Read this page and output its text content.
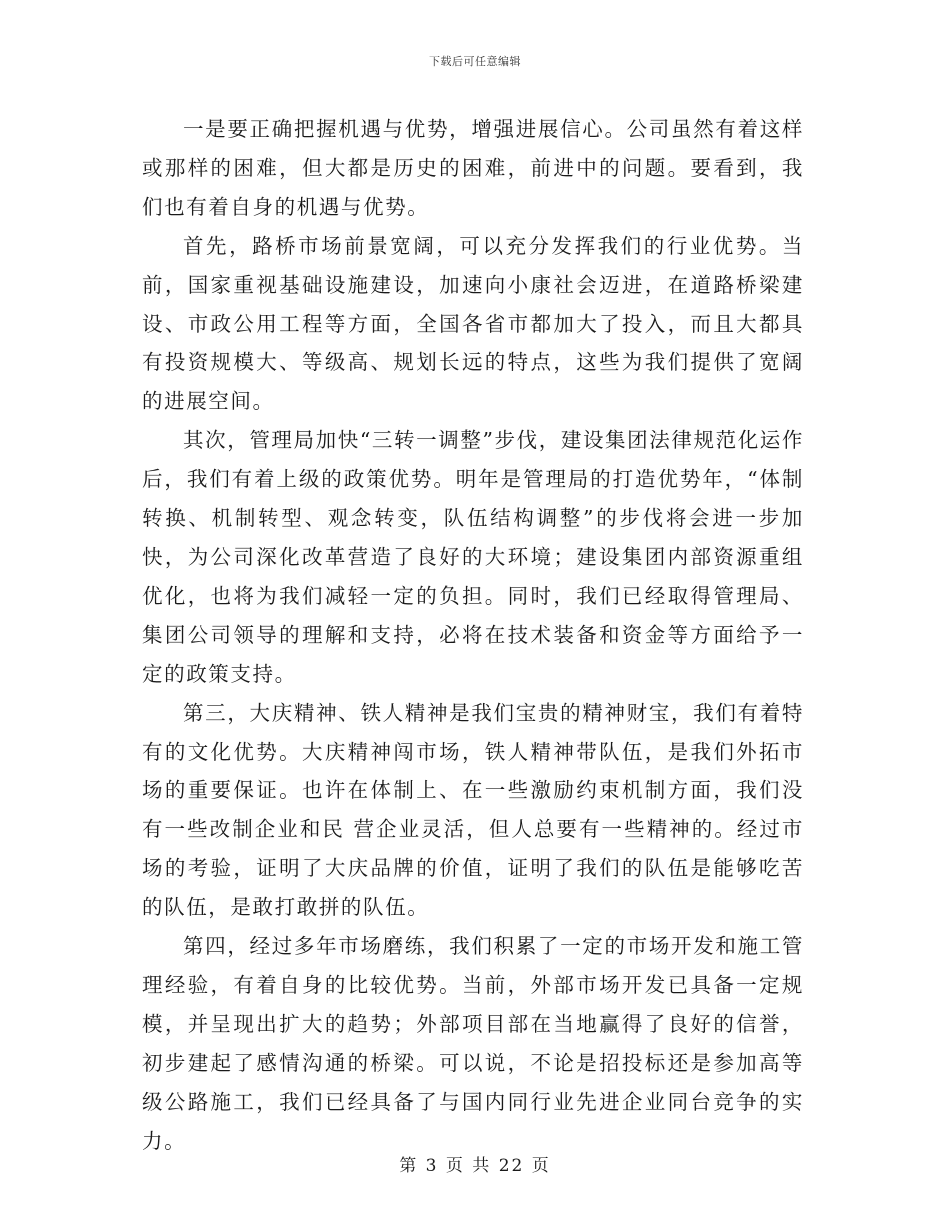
下载后可任意编辑

一是要正确把握机遇与优势，增强进展信心。公司虽然有着这样或那样的困难，但大都是历史的困难，前进中的问题。要看到，我们也有着自身的机遇与优势。

首先，路桥市场前景宽阔，可以充分发挥我们的行业优势。当前，国家重视基础设施建设，加速向小康社会迈进，在道路桥梁建设、市政公用工程等方面，全国各省市都加大了投入，而且大都具有投资规模大、等级高、规划长远的特点，这些为我们提供了宽阔的进展空间。

其次，管理局加快“三转一调整”步伐，建设集团法律规范化运作后，我们有着上级的政策优势。明年是管理局的打造优势年，“体制转换、机制转型、观念转变，队伍结构调整”的步伐将会进一步加快，为公司深化改革营造了良好的大环境；建设集团内部资源重组优化，也将为我们减轻一定的负担。同时，我们已经取得管理局、集团公司领导的理解和支持，必将在技术装备和资金等方面给予一定的政策支持。

第三，大庆精神、铁人精神是我们宝贵的精神财宝，我们有着特有的文化优势。大庆精神闯市场，铁人精神带队伍，是我们外拓市场的重要保证。也许在体制上、在一些激励约束机制方面，我们没有一些改制企业和民 营企业灵活，但人总要有一些精神的。经过市场的考验，证明了大庆品牌的价值，证明了我们的队伍是能够吃苦的队伍，是敢打敢拼的队伍。

第四，经过多年市场磨练，我们积累了一定的市场开发和施工管理经验，有着自身的比较优势。当前，外部市场开发已具备一定规模，并呈现出扩大的趋势；外部项目部在当地赢得了良好的信誉，初步建起了感情沟通的桥梁。可以说，不论是招投标还是参加高等级公路施工，我们已经具备了与国内同行业先进企业同台竞争的实力。

第 3 页 共 22 页
